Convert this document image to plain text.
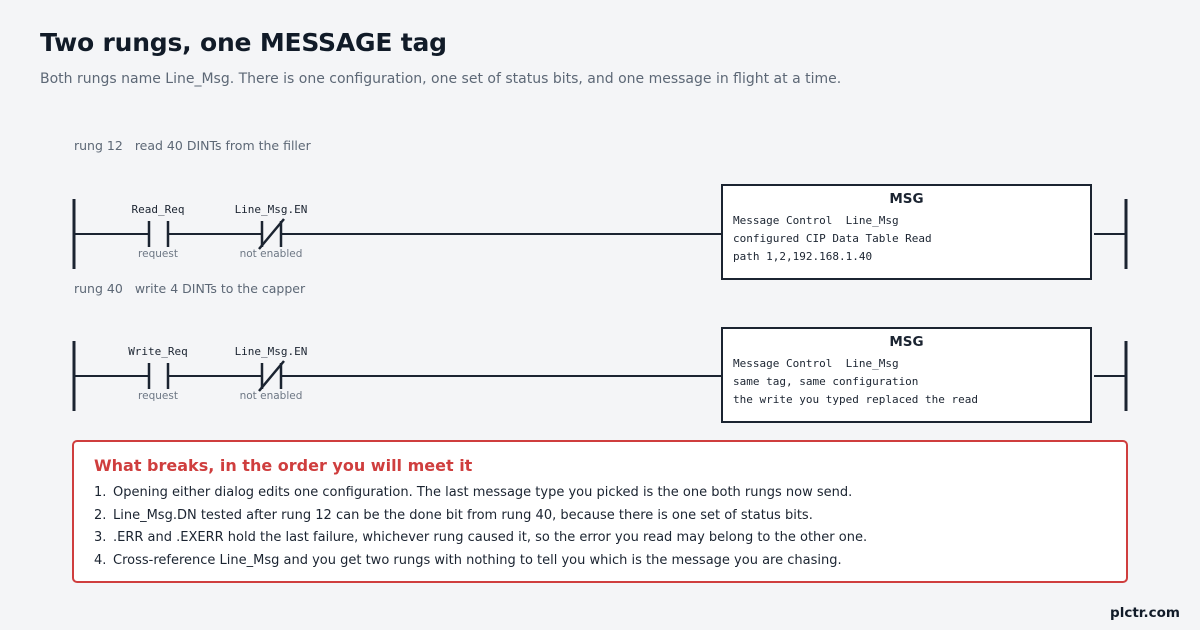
Two rungs, one MESSAGE tag
Both rungs name Line_Msg. There is one configuration, one set of status bits, and one message in flight at a time.
rung 12 read 40 DINTs from the filler
rung 40 write 4 DINTs to the capper
Read_Req
request
Line_Msg.EN
not enabled
Write_Req
request
Line_Msg.EN
not enabled
MSG
Message Control  Line_Msg
configured CIP Data Table Read
path 1,2,192.168.1.40
MSG
Message Control  Line_Msg
same tag, same configuration
the write you typed replaced the read
What breaks, in the order you will meet it
1. Opening either dialog edits one configuration. The last message type you picked is the one both rungs now send.
2. Line_Msg.DN tested after rung 12 can be the done bit from rung 40, because there is one set of status bits.
3. .ERR and .EXERR hold the last failure, whichever rung caused it, so the error you read may belong to the other one.
4. Cross-reference Line_Msg and you get two rungs with nothing to tell you which is the message you are chasing.
plctr.com
